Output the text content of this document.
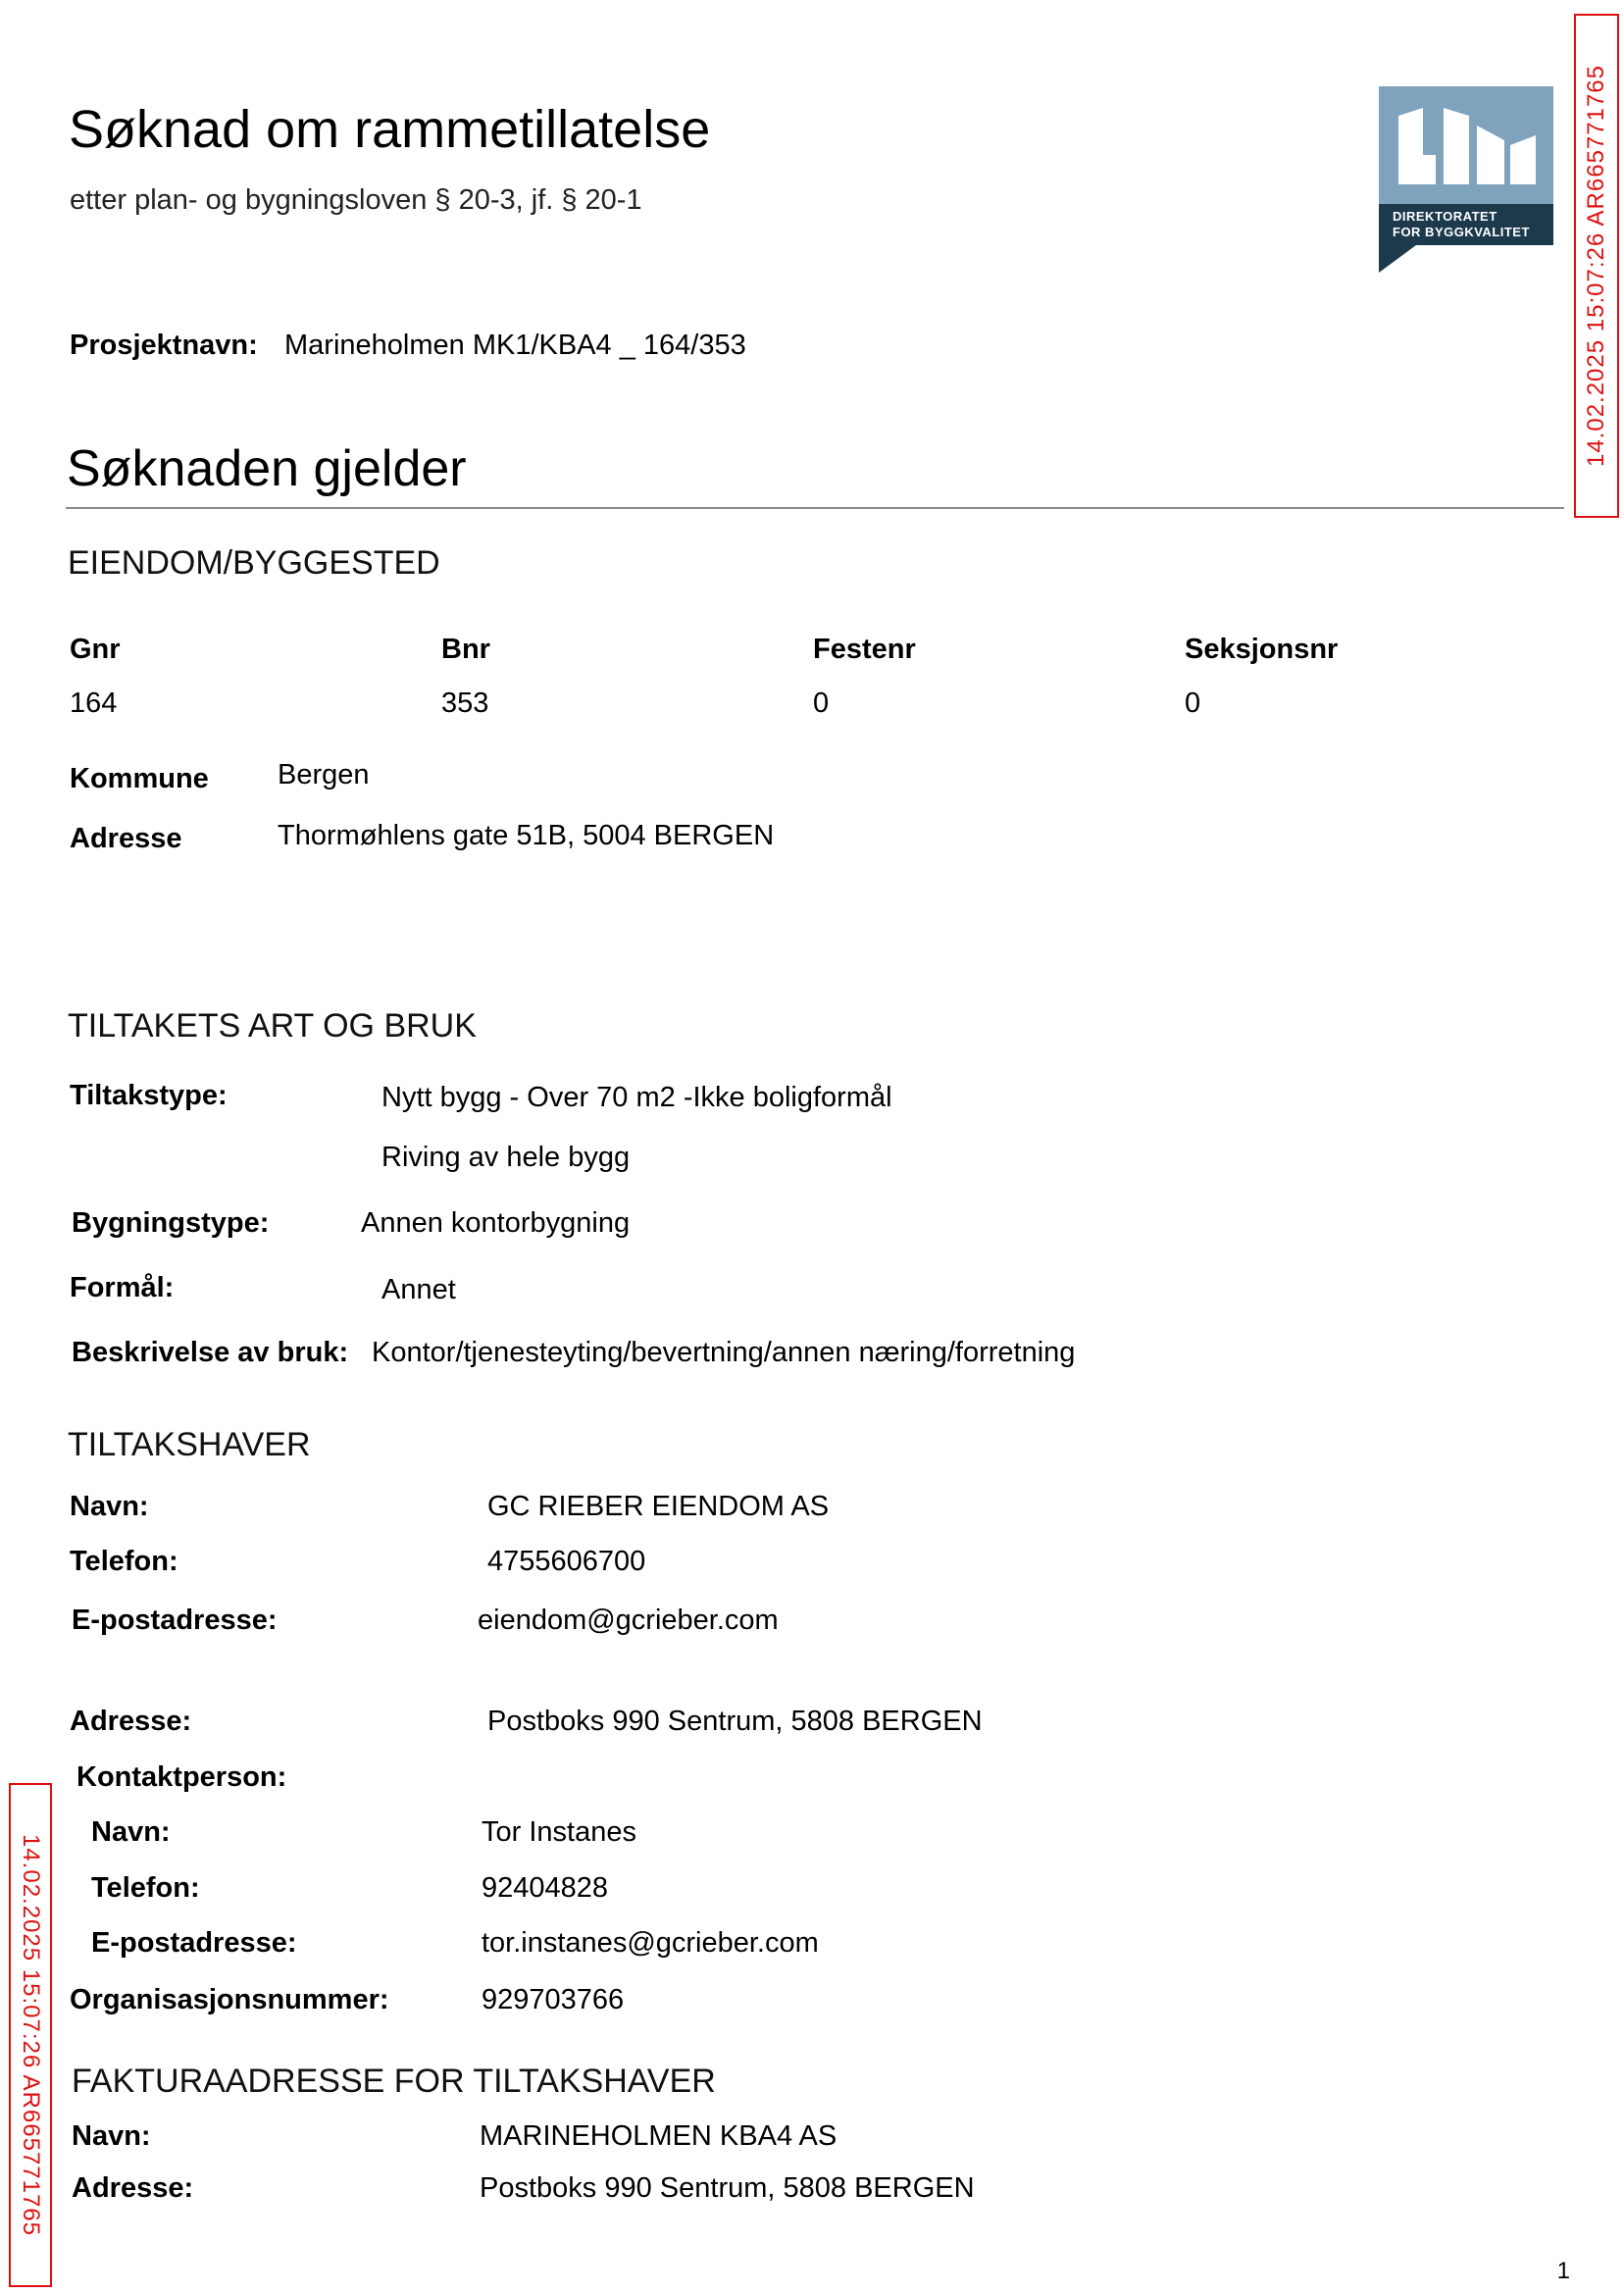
Søknad om rammetillatelse
etter plan- og bygningsloven § 20-3, jf. § 20-1
DIREKTORATET
FOR BYGGKVALITET 14.02.2025 15:07:26 AR665771765
14.02.2025 15:07:26 AR665771765
Prosjektnavn: Marineholmen MK1/KBA4 _ 164/353
Søknaden gjelder
EIENDOM/BYGGESTED
Gnr	Bnr	Festenr	Seksjonsnr
164	353	0	0
Kommune Bergen
Adresse	Thormøhlens gate 51B, 5004 BERGEN
TILTAKETS ART OG BRUK
Tiltakstype:	Nytt bygg - Over 70 m2 -Ikke boligformål
Riving av hele bygg
Bygningstype:	Annen kontorbygning
Formål:	Annet
Beskrivelse av bruk: Kontor/tjenesteyting/bevertning/annen næring/forretning
TILTAKSHAVER
Navn:	GC RIEBER EIENDOM AS
Telefon:	4755606700
E-postadresse:	eiendom@gcrieber.com
Adresse:	Postboks 990 Sentrum, 5808 BERGEN
Kontaktperson:
Navn:	Tor Instanes
Telefon:	92404828
E-postadresse:	tor.instanes@gcrieber.com
Organisasjonsnummer:	929703766
FAKTURAADRESSE FOR TILTAKSHAVER
Navn:	MARINEHOLMEN KBA4 AS
Adresse:	Postboks 990 Sentrum, 5808 BERGEN
1
